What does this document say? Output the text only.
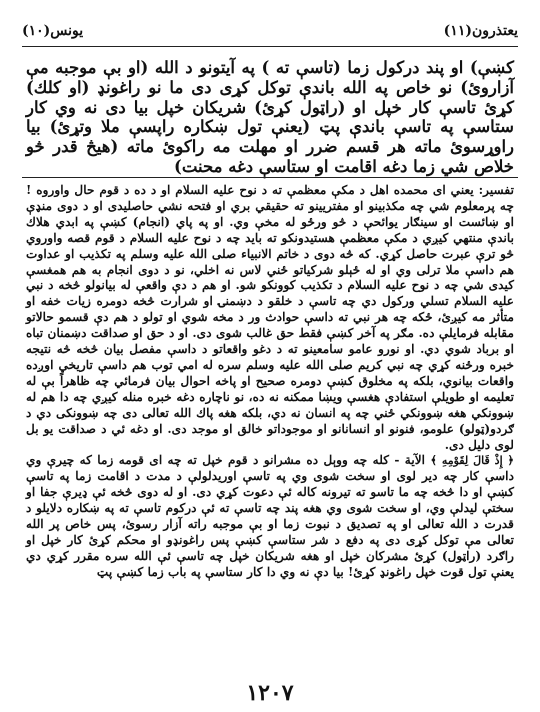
يعتذرون(١١)
يونس(١٠)
كښې) او پند دركول زما (تاسې ته ) په آيتونو د الله (او بې موجبه مې آزاروئ) نو خاص په الله باندې توكل كړى دى ما نو راغونډ (او كلك) كړئ تاسې كار خپل او (راټول كړئ) شريكان خپل بيا دى نه وي كار ستاسې په تاسې باندې پټ (يعنې تول ښكاره راپسې ملا وتړئ) بيا راوړسوئ ماته هر قسم ضرر او مهلت مه راكوئ ماته (هيڅ قدر څو خلاص شي زما دغه اقامت او ستاسې دغه محنت)

تفسير: يعني اى محمده اهل د مكې معظمې ته د نوح عليه السلام او د ده د قوم حال واوروه ! چه پرمعلوم شي چه مكذبينو او مفتريينو ته حقيقي بري او فتحه نشي حاصليدى او د دوى منډې او ښائست او سينګار يوائحې د څو ورځو له مخې وي. او په پاي (انجام) كښې په ابدي هلاك باندې منتهي كيږي د مكې معظمې هستيدونكو ته بايد چه د نوح عليه السلام د قوم قصه واوروي څو ترې عبرت حاصل كړي. كه څه دوى د خاتم الانبياء صلى الله عليه وسلم په تكذيب او عداوت هم داسې ملا ترلى وي او له ځېلو شركياتو ځني لاس نه اخلي، نو د دوى انجام به هم همغسې كيدى شي چه د نوح عليه السلام د تكذيب كوونكو شو. او هم د دې واقعې له بيانولو څخه د نبي عليه السلام تسلي وركول دي چه تاسې د خلقو د دښمنۍ او شرارت څخه دومره زيات خفه او متأثر مه كيږئ، ځكه چه هر نبي ته داسې حوادث ور د مخه شوي او تولو د هم دې قسمو حالاتو مقابله فرمايلې ده. مګر په آخر كښې فقط حق غالب شوى دى. او د حق او صداقت دښمنان تباه او برباد شوي دي. او نورو عامو سامعينو ته د دغو واقعاتو د داسې مفصل بيان څخه څه نتيجه خبره ورځنه كړي چه نبي كريم صلى الله عليه وسلم سره له امي توب هم داسې تاريخي اوږده واقعات بيانوي، بلكه په مخلوق كښې دومره صحيح او پاخه احوال بيان فرمائي چه ظاهراً بې له تعليمه او طويلې استفادې هغسې ويښا ممكنه نه ده، نو ناچاره دغه خبره منله كيږي چه دا هم له ښوونكي هغه ښوونكي ځني چه په انسان نه دي، بلكه هغه پاك الله تعالى دى چه ښوونكى دي د ګردو(ټولو) علومو، فنونو او انسانانو او موجوداتو خالق او موجد دى. او دغه ئي د صداقت يو بل لوى دليل دى.

﴿ إِذْ قَالَ لِقَوْمِهِ ﴾ الآية - كله چه ووېل ده مشرانو د قوم خپل ته چه اى قومه زما كه چيرې وي داسې كار چه دير لوى او سخت شوى وي په تاسې اوريدلولې د مدت د اقامت زما په تاسې كښې او دا څخه چه ما تاسو ته تيرونه كاله ئې دعوت كړي دى. او له دوى څخه ئې ډيرې جفا او سختې ليدلې وي، او سخت شوى وي هغه پند چه تاسې ته ئې دركوم تاسې ته په ښكاره دلايلو د قدرت د الله تعالى او په تصديق د نبوت زما او بې موجبه راته آزار رسوئ، پس خاص پر الله تعالى مې توكل كړى دى په دفع د شر ستاسې كښې پس راغونډو او محكم كړئ كار خپل او راګرد (راټول) كړئ مشركان خپل او هغه شريكان خپل چه تاسې ئې الله سره مقرر كړي دي يعنې تول قوت خپل راغونډ كړئ! بيا دې نه وي دا كار ستاسې په باب زما كښې پټ

١٢٠٧
